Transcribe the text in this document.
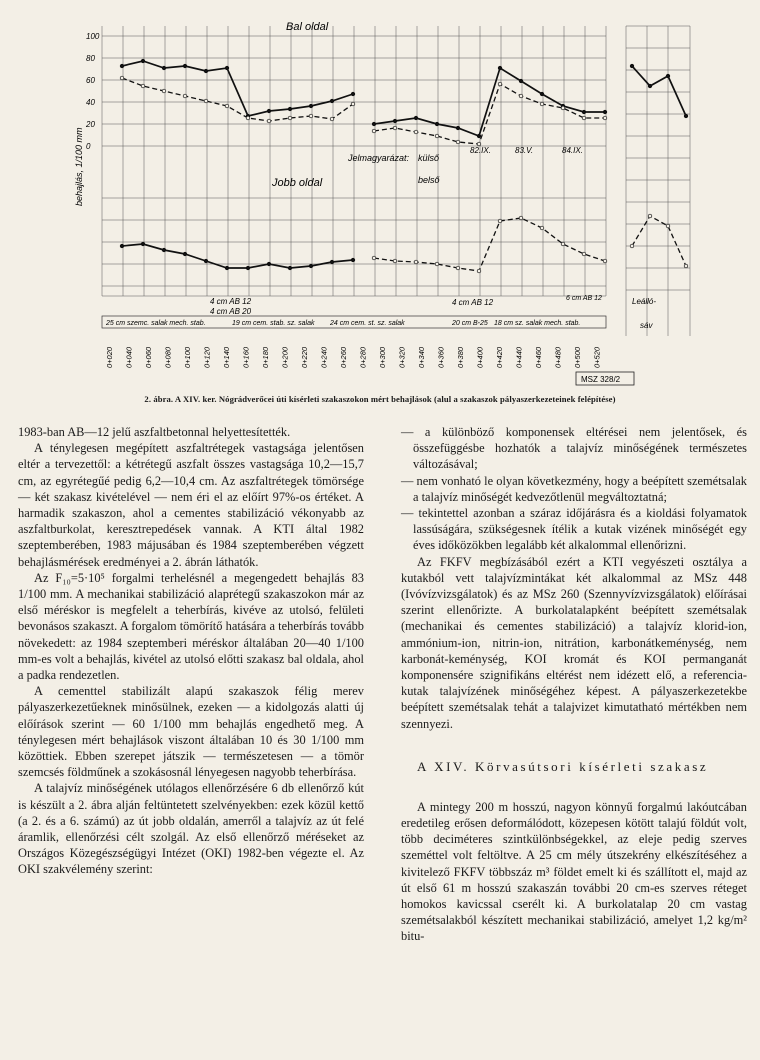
100
80
60
40
20
0
Bal oldal
Jobb oldal
behajlás, 1/100 mm	Jelmagyarázat: külső
belső
82.IX.	83.V.	84.IX.
4 cm AB 12
4 cm AB 20
4 cm AB 12	6 cm AB 12
25 cm szemc. salak mech. stab.	19 cm cem. stab. sz. salak 24 cm cem. st. sz. salak	20 cm B-25 18 cm sz. salak mech. stab.
Leálló-
sáv
0+020 0+040 0+060 0+080 0+100 0+120 0+140 0+160 0+180 0+200 0+220 0+240 0+260 0+280 0+300 0+320 0+340 0+360 0+380 0+400 0+420 0+440 0+460 0+480 0+500 0+520
MSZ 328/2
2. ábra. A XIV. ker. Nógrádverőcei úti kísérleti szakaszokon mért behajlások (alul a szakaszok pályaszerkezeteinek felépítése)

1983-ban AB—12 jelű aszfaltbetonnal helyettesítették.

A ténylegesen megépített aszfaltrétegek vastagsága jelentősen eltér a tervezettől: a kétrétegű aszfalt összes vastagsága 10,2—15,7 cm, az egyrétegűé pedig 6,2—10,4 cm. Az aszfaltrétegek tömörsége — két szakasz kivételével — nem éri el az előírt 97%-os értéket. A harmadik szakaszon, ahol a cementes stabilizáció vékonyabb az aszfaltburkolat, keresztrepedések vannak. A KTI által 1982 szeptemberében, 1983 májusában és 1984 szeptemberében végzett behajlásmérések eredményei a 2. ábrán láthatók.

Az F₁₀=5·10⁵ forgalmi terhelésnél a megengedett behajlás 83 1/100 mm. A mechanikai stabilizáció alaprétegű szakaszokon már az első méréskor is megfelelt a teherbírás, kivéve az utolsó, felületi bevonásos szakaszt. A forgalom tömörítő hatására a teherbírás tovább növekedett: az 1984 szeptemberi méréskor általában 20—40 1/100 mm-es volt a behajlás, kivétel az utolsó előtti szakasz bal oldala, ahol a padka rendezetlen.

A cementtel stabilizált alapú szakaszok félig merev pályaszerkezetűeknek minősülnek, ezeken — a kidolgozás alatti új előírások szerint — 60 1/100 mm behajlás engedhető meg. A ténylegesen mért behajlások viszont általában 10 és 30 1/100 mm közöttiek. Ebben szerepet játszik — természetesen — a tömör szemcsés földműnek a szokásosnál lényegesen nagyobb teherbírása.

A talajvíz minőségének utólagos ellenőrzésére 6 db ellenőrző kút is készült a 2. ábra alján feltüntetett szelvényekben: ezek közül kettő (a 2. és a 6. számú) az út jobb oldalán, amerről a talajvíz az út felé áramlik, ellenőrzési célt szolgál. Az első ellenőrző méréseket az Országos Közegészségügyi Intézet (OKI) 1982-ben végezte el. Az OKI szakvélemény szerint:

— a különböző komponensek eltérései nem jelentősek, és összefüggésbe hozhatók a talajvíz minőségének természetes változásával;

— nem vonható le olyan következmény, hogy a beépített szemétsalak a talajvíz minőségét kedvezőtlenül megváltoztatná;

— tekintettel azonban a száraz időjárásra és a kioldási folyamatok lassúságára, szükségesnek ítélik a kutak vizének minőségét egy éves időközökben legalább két alkalommal ellenőrizni.

Az FKFV megbízásából ezért a KTI vegyészeti osztálya a kutakból vett talajvízmintákat két alkalommal az MSz 448 (Ivóvízvizsgálatok) és az MSz 260 (Szennyvízvizsgálatok) előírásai szerint ellenőrizte. A burkolatalapként beépített szemétsalak (mechanikai és cementes stabilizáció) a talajvíz klorid-ion, ammónium-ion, nitrin-ion, nitrátion, karbonátkeménység, nem karbonát-keménység, KOI kromát és KOI permanganát komponensére szignifikáns eltérést nem idézett elő, a referencia-kutak talajvízének minőségéhez képest. A pályaszerkezetekbe beépített szemétsalak tehát a talajvizet kimutatható mértékben nem szennyezi.

A XIV. Körvasútsori kísérleti szakasz

A mintegy 200 m hosszú, nagyon könnyű forgalmú lakóutcában eredetileg erősen deformálódott, közepesen kötött talajú földút volt, több deciméteres szintkülönbségekkel, az eleje pedig szerves szeméttel volt feltöltve. A 25 cm mély útszekrény elkészítéséhez a kivitelező FKFV többszáz m³ földet emelt ki és szállított el, majd az út első 61 m hosszú szakaszán további 20 cm-es szerves réteget homokos kavicssal cserélt ki. A burkolatalap 20 cm vastag szemétsalakból készített mechanikai stabilizáció, amelyet 1,2 kg/m² bitu-
